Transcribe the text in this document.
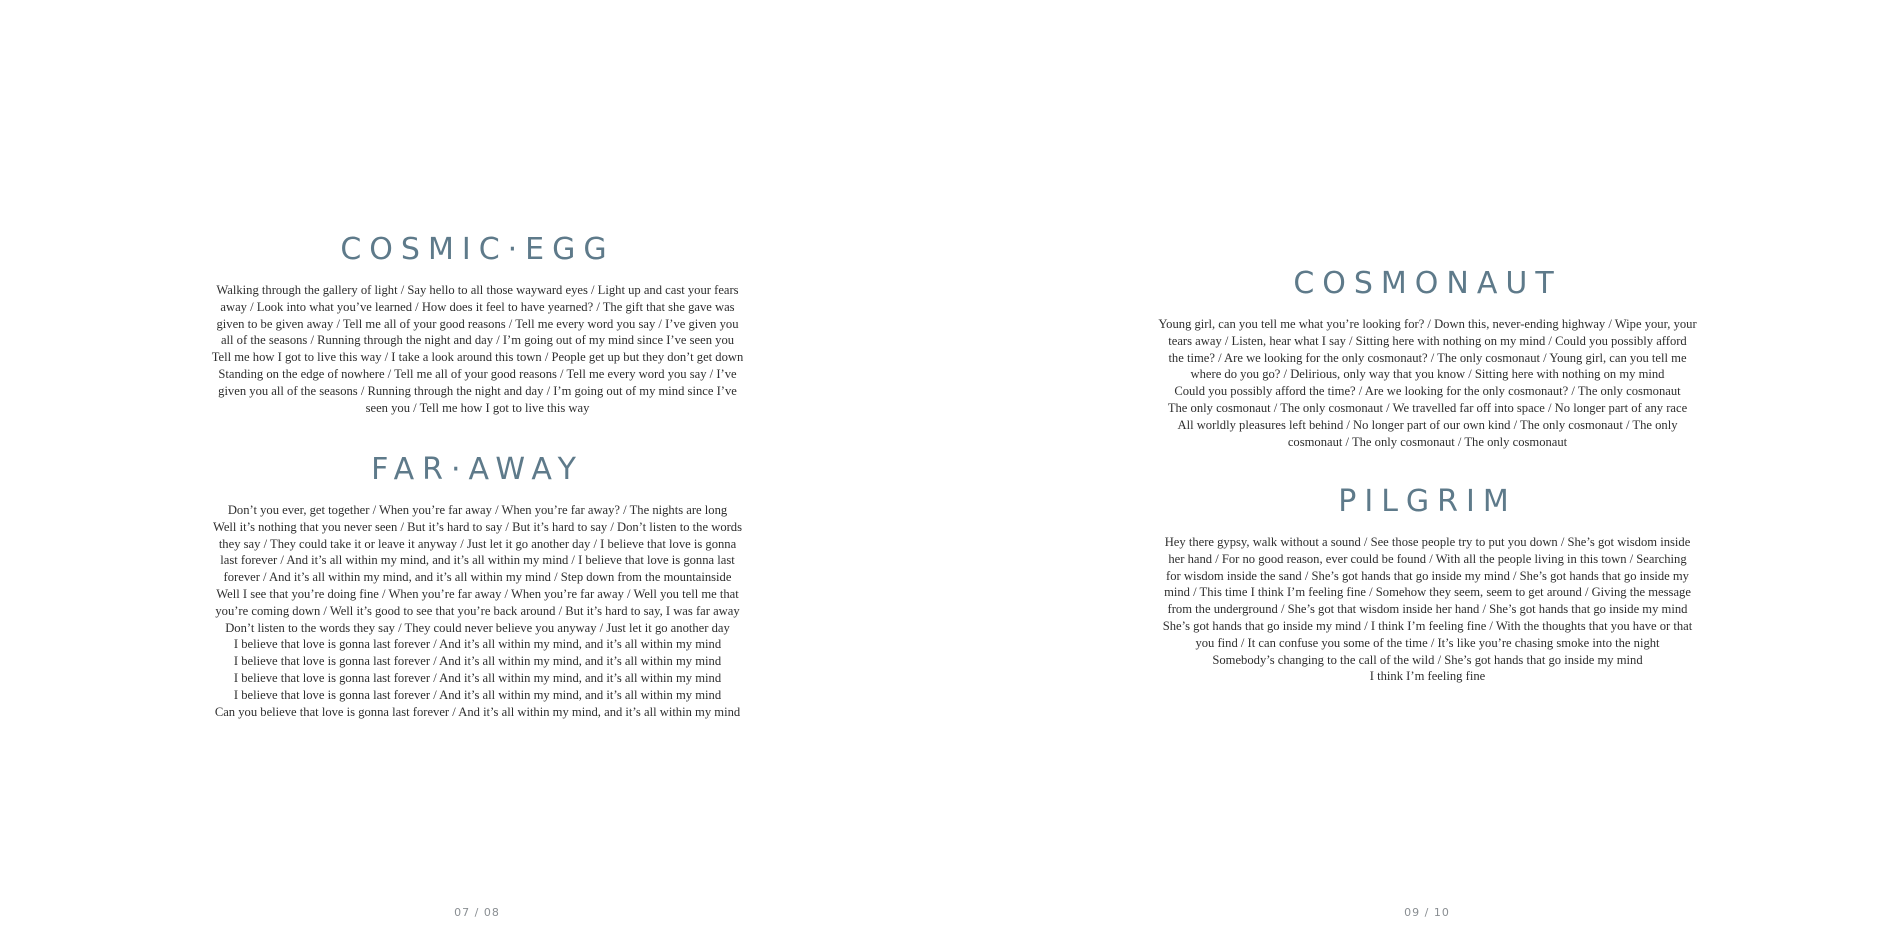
COSMIC·EGG
Walking through the gallery of light / Say hello to all those wayward eyes / Light up and cast your fears
away / Look into what you’ve learned / How does it feel to have yearned? / The gift that she gave was
given to be given away / Tell me all of your good reasons / Tell me every word you say / I’ve given you
all of the seasons / Running through the night and day / I’m going out of my mind since I’ve seen you
Tell me how I got to live this way / I take a look around this town / People get up but they don’t get down
Standing on the edge of nowhere / Tell me all of your good reasons / Tell me every word you say / I’ve
given you all of the seasons / Running through the night and day / I’m going out of my mind since I’ve
seen you / Tell me how I got to live this way
FAR·AWAY
Don’t you ever, get together / When you’re far away / When you’re far away? / The nights are long
Well it’s nothing that you never seen / But it’s hard to say / But it’s hard to say / Don’t listen to the words
they say / They could take it or leave it anyway / Just let it go another day / I believe that love is gonna
last forever / And it’s all within my mind, and it’s all within my mind / I believe that love is gonna last
forever / And it’s all within my mind, and it’s all within my mind / Step down from the mountainside
Well I see that you’re doing fine / When you’re far away / When you’re far away / Well you tell me that
you’re coming down / Well it’s good to see that you’re back around / But it’s hard to say, I was far away
Don’t listen to the words they say / They could never believe you anyway / Just let it go another day
I believe that love is gonna last forever / And it’s all within my mind, and it’s all within my mind
I believe that love is gonna last forever / And it’s all within my mind, and it’s all within my mind
I believe that love is gonna last forever / And it’s all within my mind, and it’s all within my mind
I believe that love is gonna last forever / And it’s all within my mind, and it’s all within my mind
Can you believe that love is gonna last forever / And it’s all within my mind, and it’s all within my mind
07 / 08
COSMONAUT
Young girl, can you tell me what you’re looking for? / Down this, never-ending highway / Wipe your, your
tears away / Listen, hear what I say / Sitting here with nothing on my mind / Could you possibly afford
the time? / Are we looking for the only cosmonaut? / The only cosmonaut / Young girl, can you tell me
where do you go? / Delirious, only way that you know / Sitting here with nothing on my mind
Could you possibly afford the time? / Are we looking for the only cosmonaut? / The only cosmonaut
The only cosmonaut / The only cosmonaut / We travelled far off into space / No longer part of any race
All worldly pleasures left behind / No longer part of our own kind / The only cosmonaut / The only
cosmonaut / The only cosmonaut / The only cosmonaut
PILGRIM
Hey there gypsy, walk without a sound / See those people try to put you down / She’s got wisdom inside
her hand / For no good reason, ever could be found / With all the people living in this town / Searching
for wisdom inside the sand / She’s got hands that go inside my mind / She’s got hands that go inside my
mind / This time I think I’m feeling fine / Somehow they seem, seem to get around / Giving the message
from the underground / She’s got that wisdom inside her hand / She’s got hands that go inside my mind
She’s got hands that go inside my mind / I think I’m feeling fine / With the thoughts that you have or that
you find / It can confuse you some of the time / It’s like you’re chasing smoke into the night
Somebody’s changing to the call of the wild / She’s got hands that go inside my mind
I think I’m feeling fine
09 / 10
